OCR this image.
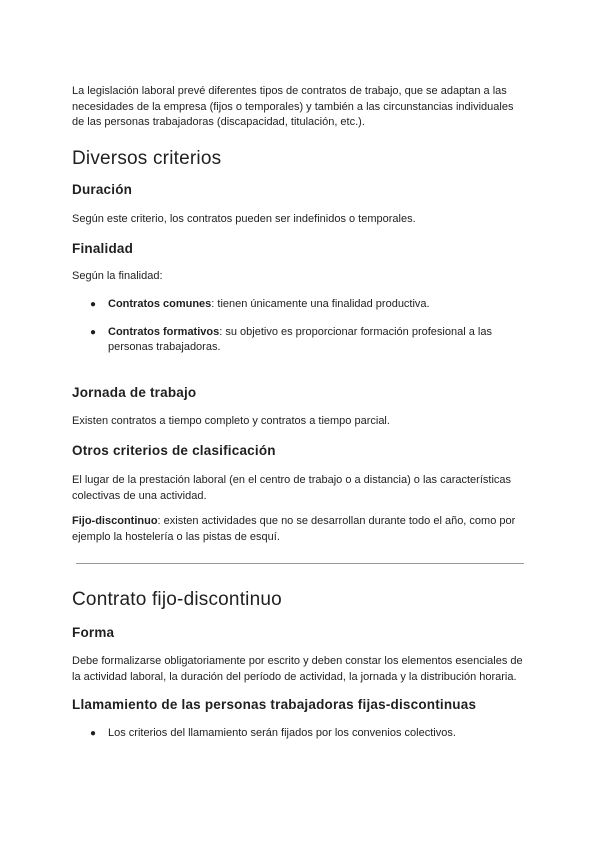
La legislación laboral prevé diferentes tipos de contratos de trabajo, que se adaptan a las necesidades de la empresa (fijos o temporales) y también a las circunstancias individuales de las personas trabajadoras (discapacidad, titulación, etc.).

Diversos criterios
Duración

Según este criterio, los contratos pueden ser indefinidos o temporales.

Finalidad

Según la finalidad:

● Contratos comunes: tienen únicamente una finalidad productiva.
● Contratos formativos: su objetivo es proporcionar formación profesional a las personas trabajadoras.
Jornada de trabajo

Existen contratos a tiempo completo y contratos a tiempo parcial.

Otros criterios de clasificación

El lugar de la prestación laboral (en el centro de trabajo o a distancia) o las características colectivas de una actividad.

Fijo-discontinuo: existen actividades que no se desarrollan durante todo el año, como por ejemplo la hostelería o las pistas de esquí.

Contrato fijo-discontinuo
Forma

Debe formalizarse obligatoriamente por escrito y deben constar los elementos esenciales de la actividad laboral, la duración del período de actividad, la jornada y la distribución horaria.

Llamamiento de las personas trabajadoras fijas-discontinuas
● Los criterios del llamamiento serán fijados por los convenios colectivos.
